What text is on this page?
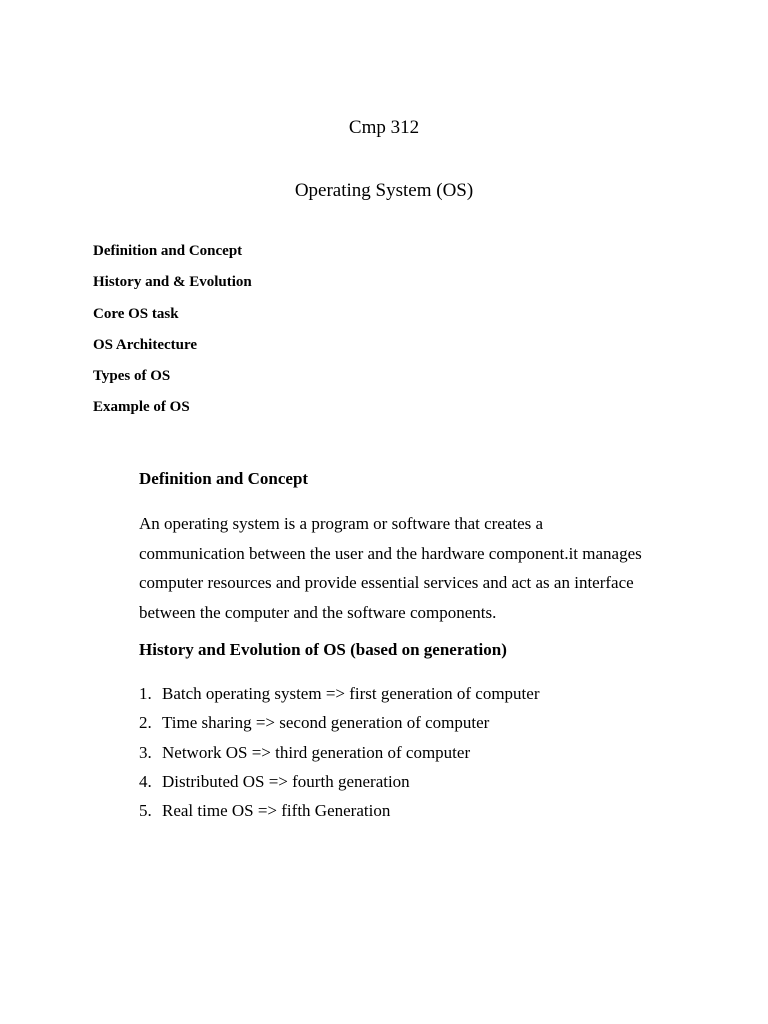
Cmp 312
Operating System (OS)
Definition and Concept
History and & Evolution
Core OS task
OS Architecture
Types of OS
Example of OS
Definition and Concept
An operating system is a program or software that creates a
communication between the user and the hardware component.it manages
computer resources and provide essential services and act as an interface
between the computer and the software components.
History and Evolution of OS (based on generation)
1. Batch operating system => first generation of computer
2. Time sharing => second generation of computer
3. Network OS => third generation of computer
4. Distributed OS => fourth generation
5. Real time OS => fifth Generation
